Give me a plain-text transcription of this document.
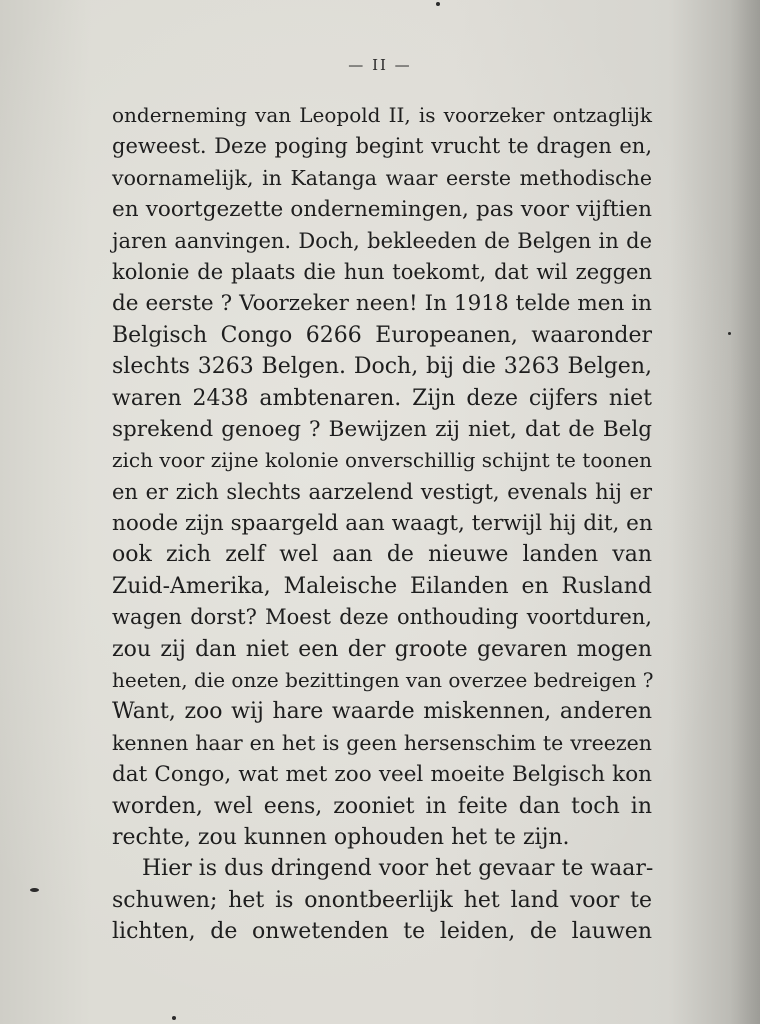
— II —
onderneming van Leopold II, is voorzeker ontzaglijk
geweest. Deze poging begint vrucht te dragen en,
voornamelijk, in Katanga waar eerste methodische
en voortgezette ondernemingen, pas voor vijftien
jaren aanvingen. Doch, bekleeden de Belgen in de
kolonie de plaats die hun toekomt, dat wil zeggen
de eerste ? Voorzeker neen! In 1918 telde men in
Belgisch Congo 6266 Europeanen, waaronder
slechts 3263 Belgen. Doch, bij die 3263 Belgen,
waren 2438 ambtenaren. Zijn deze cijfers niet
sprekend genoeg ? Bewijzen zij niet, dat de Belg
zich voor zijne kolonie onverschillig schijnt te toonen
en er zich slechts aarzelend vestigt, evenals hij er
noode zijn spaargeld aan waagt, terwijl hij dit, en
ook zich zelf wel aan de nieuwe landen van
Zuid-Amerika, Maleische Eilanden en Rusland
wagen dorst? Moest deze onthouding voortduren,
zou zij dan niet een der groote gevaren mogen
heeten, die onze bezittingen van overzee bedreigen ?
Want, zoo wij hare waarde miskennen, anderen
kennen haar en het is geen hersenschim te vreezen
dat Congo, wat met zoo veel moeite Belgisch kon
worden, wel eens, zooniet in feite dan toch in
rechte, zou kunnen ophouden het te zijn.
Hier is dus dringend voor het gevaar te waar-
schuwen; het is onontbeerlijk het land voor te
lichten, de onwetenden te leiden, de lauwen
